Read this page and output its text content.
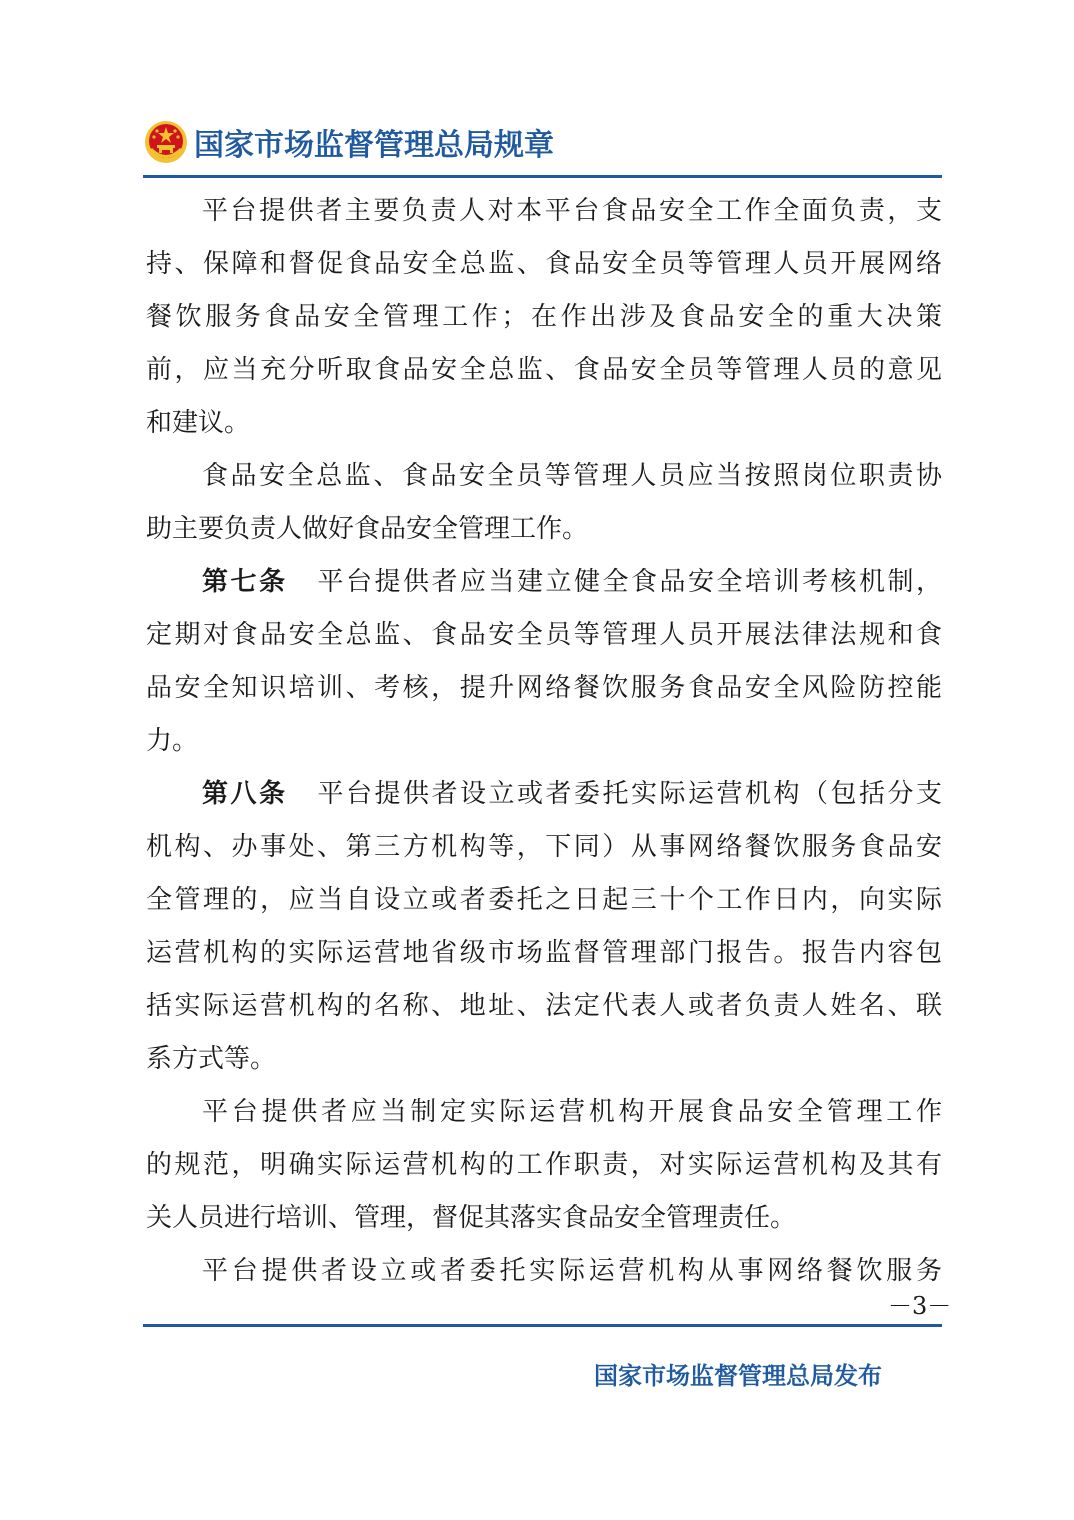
国家市场监督管理总局规章
平台提供者主要负责人对本平台食品安全工作全面负责，支
持、保障和督促食品安全总监、食品安全员等管理人员开展网络
餐饮服务食品安全管理工作；在作出涉及食品安全的重大决策
前，应当充分听取食品安全总监、食品安全员等管理人员的意见
和建议。
食品安全总监、食品安全员等管理人员应当按照岗位职责协
助主要负责人做好食品安全管理工作。
第七条 平台提供者应当建立健全食品安全培训考核机制，
定期对食品安全总监、食品安全员等管理人员开展法律法规和食
品安全知识培训、考核，提升网络餐饮服务食品安全风险防控能
力。
第八条 平台提供者设立或者委托实际运营机构（包括分支
机构、办事处、第三方机构等，下同）从事网络餐饮服务食品安
全管理的，应当自设立或者委托之日起三十个工作日内，向实际
运营机构的实际运营地省级市场监督管理部门报告。报告内容包
括实际运营机构的名称、地址、法定代表人或者负责人姓名、联
系方式等。
平台提供者应当制定实际运营机构开展食品安全管理工作
的规范，明确实际运营机构的工作职责，对实际运营机构及其有
关人员进行培训、管理，督促其落实食品安全管理责任。
平台提供者设立或者委托实际运营机构从事网络餐饮服务
－3－
国家市场监督管理总局发布
